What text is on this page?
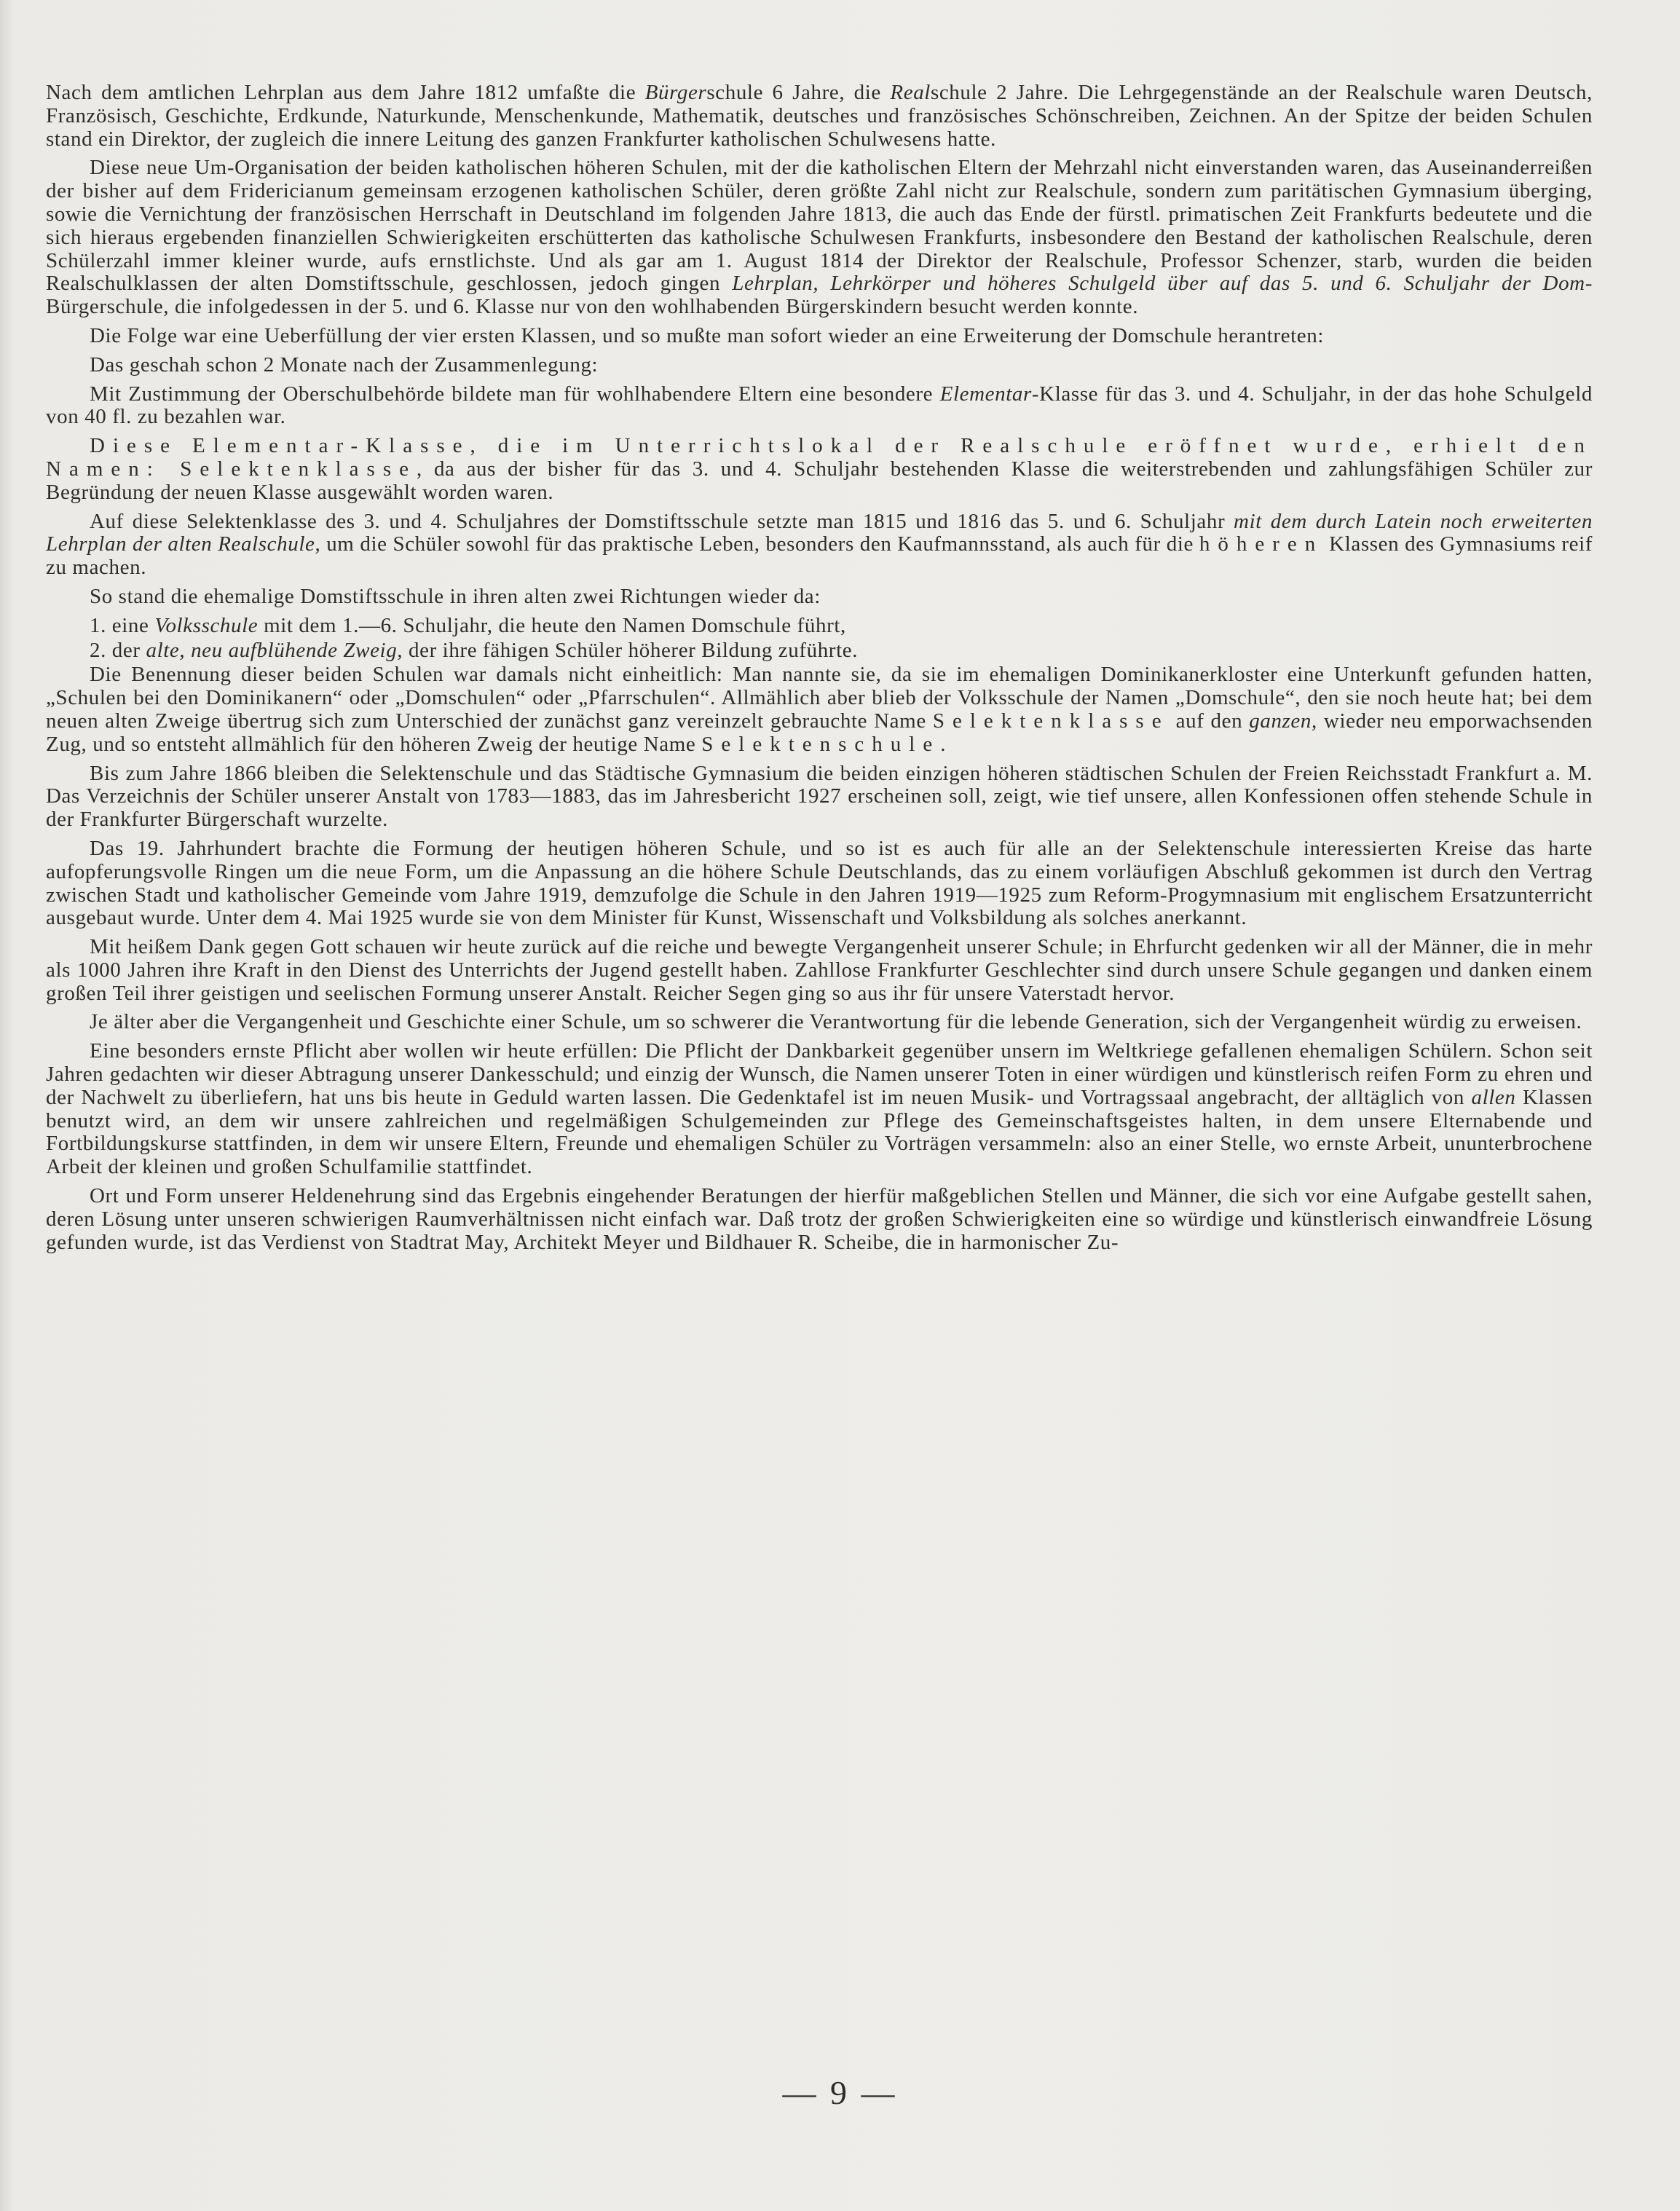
Nach dem amtlichen Lehrplan aus dem Jahre 1812 umfaßte die Bürgerschule 6 Jahre, die Realschule 2 Jahre. Die Lehrgegenstände an der Realschule waren Deutsch, Französisch, Geschichte, Erdkunde, Naturkunde, Menschenkunde, Mathematik, deutsches und französisches Schönschreiben, Zeichnen. An der Spitze der beiden Schulen stand ein Direktor, der zugleich die innere Leitung des ganzen Frankfurter katholischen Schulwesens hatte.

Diese neue Um-Organisation der beiden katholischen höheren Schulen, mit der die katholischen Eltern der Mehrzahl nicht einverstanden waren, das Auseinanderreißen der bisher auf dem Fridericianum gemeinsam erzogenen katholischen Schüler, deren größte Zahl nicht zur Realschule, sondern zum paritätischen Gymnasium überging, sowie die Vernichtung der französischen Herrschaft in Deutschland im folgenden Jahre 1813, die auch das Ende der fürstl. primatischen Zeit Frankfurts bedeutete und die sich hieraus ergebenden finanziellen Schwierigkeiten erschütterten das katholische Schulwesen Frankfurts, insbesondere den Bestand der katholischen Realschule, deren Schülerzahl immer kleiner wurde, aufs ernstlichste. Und als gar am 1. August 1814 der Direktor der Realschule, Professor Schenzer, starb, wurden die beiden Realschulklassen der alten Domstiftsschule, geschlossen, jedoch gingen Lehrplan, Lehrkörper und höheres Schulgeld über auf das 5. und 6. Schuljahr der Dom-Bürgerschule, die infolgedessen in der 5. und 6. Klasse nur von den wohlhabenden Bürgerskindern besucht werden konnte.

Die Folge war eine Ueberfüllung der vier ersten Klassen, und so mußte man sofort wieder an eine Erweiterung der Domschule herantreten:

Das geschah schon 2 Monate nach der Zusammenlegung:

Mit Zustimmung der Oberschulbehörde bildete man für wohlhabendere Eltern eine besondere Elementar-Klasse für das 3. und 4. Schuljahr, in der das hohe Schulgeld von 40 fl. zu bezahlen war.

Diese Elementar-Klasse, die im Unterrichtslokal der Realschule eröffnet wurde, erhielt den Namen: Selektenklasse, da aus der bisher für das 3. und 4. Schuljahr bestehenden Klasse die weiterstrebenden und zahlungsfähigen Schüler zur Begründung der neuen Klasse ausgewählt worden waren.

Auf diese Selektenklasse des 3. und 4. Schuljahres der Domstiftsschule setzte man 1815 und 1816 das 5. und 6. Schuljahr mit dem durch Latein noch erweiterten Lehrplan der alten Realschule, um die Schüler sowohl für das praktische Leben, besonders den Kaufmannsstand, als auch für die höheren Klassen des Gymnasiums reif zu machen.

So stand die ehemalige Domstiftsschule in ihren alten zwei Richtungen wieder da:

1. eine Volksschule mit dem 1.—6. Schuljahr, die heute den Namen Domschule führt,

2. der alte, neu aufblühende Zweig, der ihre fähigen Schüler höherer Bildung zuführte.

Die Benennung dieser beiden Schulen war damals nicht einheitlich: Man nannte sie, da sie im ehemaligen Dominikanerkloster eine Unterkunft gefunden hatten, „Schulen bei den Dominikanern“ oder „Domschulen“ oder „Pfarrschulen“. Allmählich aber blieb der Volksschule der Namen „Domschule“, den sie noch heute hat; bei dem neuen alten Zweige übertrug sich zum Unterschied der zunächst ganz vereinzelt gebrauchte Name Selektenklasse auf den ganzen, wieder neu emporwachsenden Zug, und so entsteht allmählich für den höheren Zweig der heutige Name Selektenschule.

Bis zum Jahre 1866 bleiben die Selektenschule und das Städtische Gymnasium die beiden einzigen höheren städtischen Schulen der Freien Reichsstadt Frankfurt a. M. Das Verzeichnis der Schüler unserer Anstalt von 1783—1883, das im Jahresbericht 1927 erscheinen soll, zeigt, wie tief unsere, allen Konfessionen offen stehende Schule in der Frankfurter Bürgerschaft wurzelte.

Das 19. Jahrhundert brachte die Formung der heutigen höheren Schule, und so ist es auch für alle an der Selektenschule interessierten Kreise das harte aufopferungsvolle Ringen um die neue Form, um die Anpassung an die höhere Schule Deutschlands, das zu einem vorläufigen Abschluß gekommen ist durch den Vertrag zwischen Stadt und katholischer Gemeinde vom Jahre 1919, demzufolge die Schule in den Jahren 1919—1925 zum Reform-Progymnasium mit englischem Ersatzunterricht ausgebaut wurde. Unter dem 4. Mai 1925 wurde sie von dem Minister für Kunst, Wissenschaft und Volksbildung als solches anerkannt.

Mit heißem Dank gegen Gott schauen wir heute zurück auf die reiche und bewegte Vergangenheit unserer Schule; in Ehrfurcht gedenken wir all der Männer, die in mehr als 1000 Jahren ihre Kraft in den Dienst des Unterrichts der Jugend gestellt haben. Zahllose Frankfurter Geschlechter sind durch unsere Schule gegangen und danken einem großen Teil ihrer geistigen und seelischen Formung unserer Anstalt. Reicher Segen ging so aus ihr für unsere Vaterstadt hervor.

Je älter aber die Vergangenheit und Geschichte einer Schule, um so schwerer die Verantwortung für die lebende Generation, sich der Vergangenheit würdig zu erweisen.

Eine besonders ernste Pflicht aber wollen wir heute erfüllen: Die Pflicht der Dankbarkeit gegenüber unsern im Weltkriege gefallenen ehemaligen Schülern. Schon seit Jahren gedachten wir dieser Abtragung unserer Dankesschuld; und einzig der Wunsch, die Namen unserer Toten in einer würdigen und künstlerisch reifen Form zu ehren und der Nachwelt zu überliefern, hat uns bis heute in Geduld warten lassen. Die Gedenktafel ist im neuen Musik- und Vortragssaal angebracht, der alltäglich von allen Klassen benutzt wird, an dem wir unsere zahlreichen und regelmäßigen Schulgemeinden zur Pflege des Gemeinschaftsgeistes halten, in dem unsere Elternabende und Fortbildungskurse stattfinden, in dem wir unsere Eltern, Freunde und ehemaligen Schüler zu Vorträgen versammeln: also an einer Stelle, wo ernste Arbeit, ununterbrochene Arbeit der kleinen und großen Schulfamilie stattfindet.

Ort und Form unserer Heldenehrung sind das Ergebnis eingehender Beratungen der hierfür maßgeblichen Stellen und Männer, die sich vor eine Aufgabe gestellt sahen, deren Lösung unter unseren schwierigen Raumverhältnissen nicht einfach war. Daß trotz der großen Schwierigkeiten eine so würdige und künstlerisch einwandfreie Lösung gefunden wurde, ist das Verdienst von Stadtrat May, Architekt Meyer und Bildhauer R. Scheibe, die in harmonischer Zu-

— 9 —
